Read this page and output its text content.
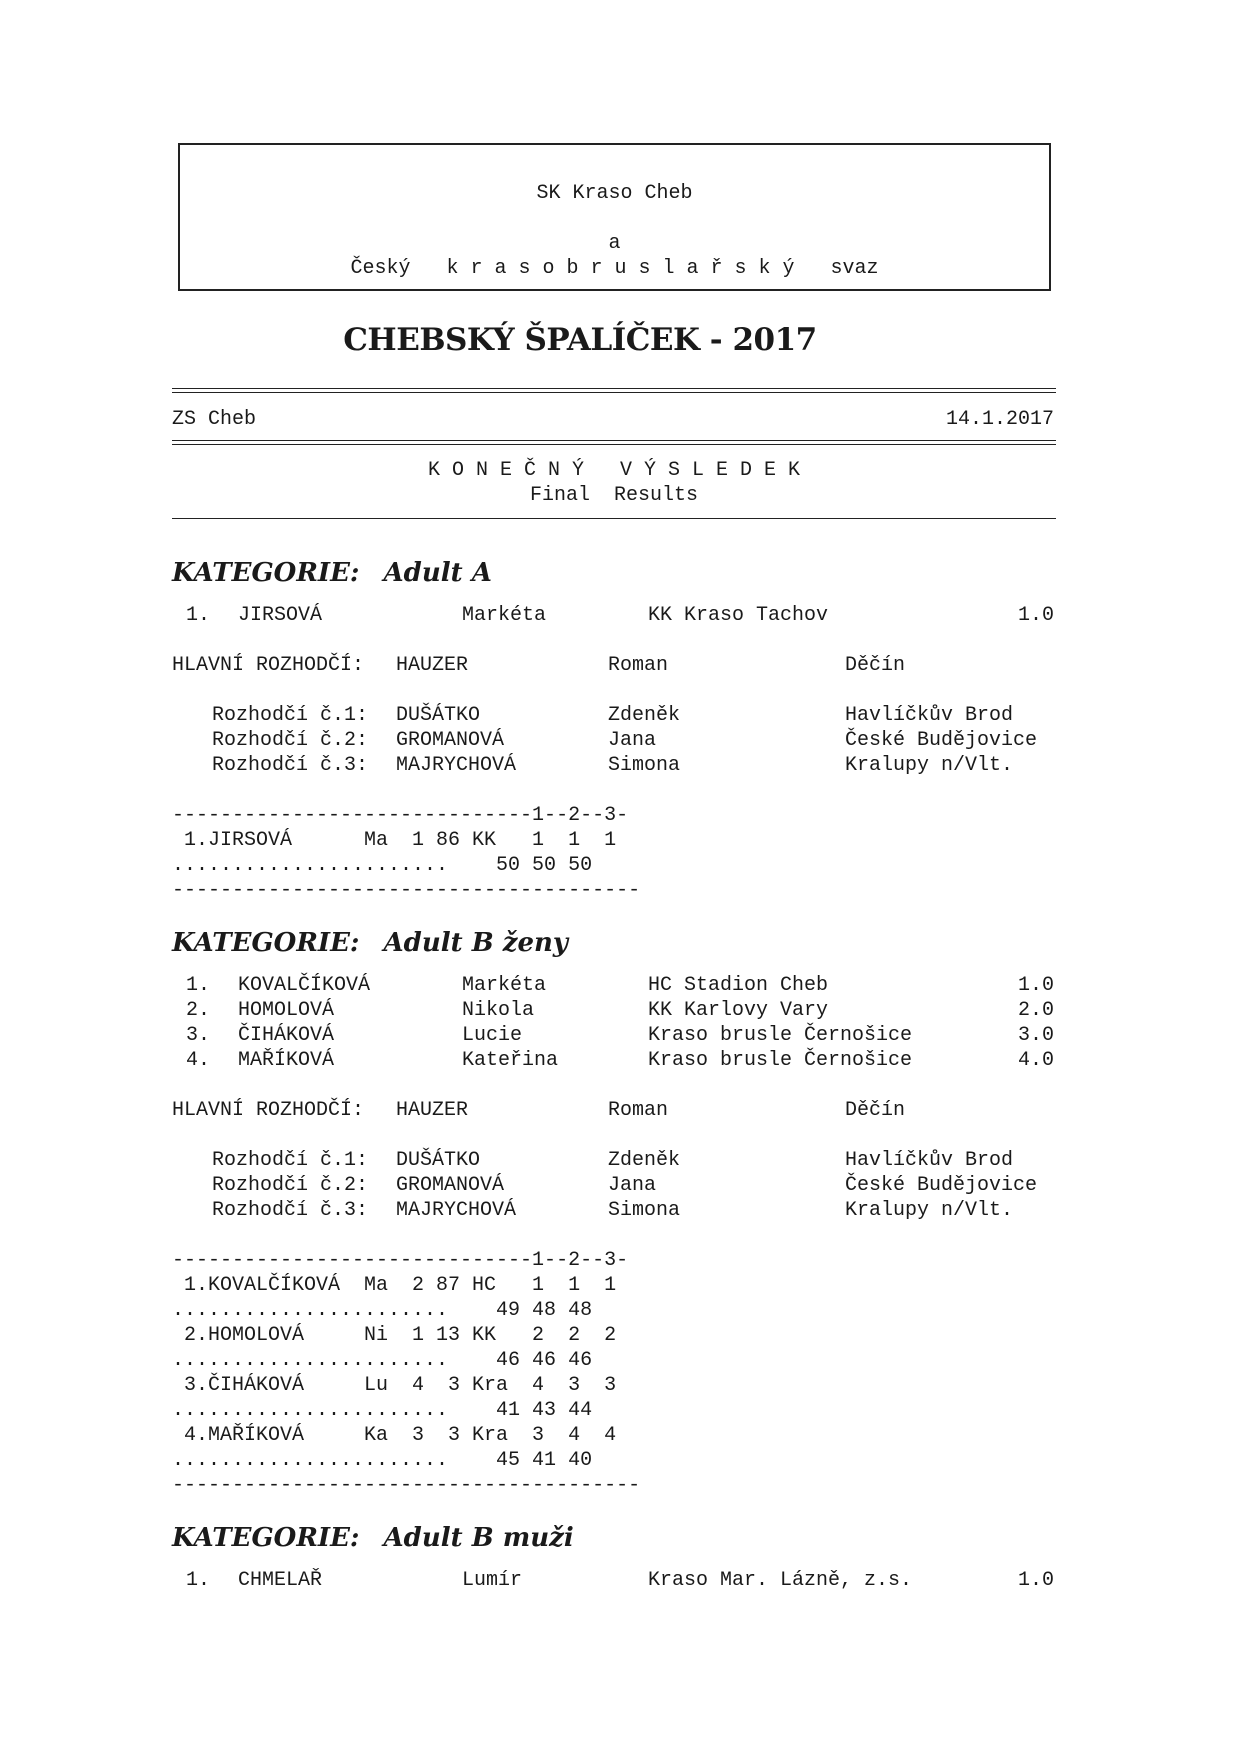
SK Kraso Cheb
a
Český   k r a s o b r u s l a ř s k ý   svaz
CHEBSKÝ ŠPALÍČEK - 2017
ZS Cheb	14.1.2017
K O N E Č N Ý   V Ý S L E D E K
Final  Results
KATEGORIE: Adult A
1. JIRSOVÁ	Markéta	KK Kraso Tachov	1.0
HLAVNÍ ROZHODČÍ: HAUZER	Roman	Děčín
Rozhodčí č.1: DUŠÁTKO	Zdeněk	Havlíčkův Brod
Rozhodčí č.2: GROMANOVÁ	Jana	České Budějovice
Rozhodčí č.3: MAJRYCHOVÁ	Simona	Kralupy n/Vlt.
------------------------------1--2--3-
1.JIRSOVÁ      Ma  1 86 KK   1  1  1
.......................    50 50 50
---------------------------------------
KATEGORIE: Adult B ženy
1. KOVALČÍKOVÁ	Markéta	HC Stadion Cheb	1.0
2. HOMOLOVÁ	Nikola	KK Karlovy Vary	2.0
3. ČIHÁKOVÁ	Lucie	Kraso brusle Černošice	3.0
4. MAŘÍKOVÁ	Kateřina	Kraso brusle Černošice	4.0
HLAVNÍ ROZHODČÍ: HAUZER	Roman	Děčín
Rozhodčí č.1: DUŠÁTKO	Zdeněk	Havlíčkův Brod
Rozhodčí č.2: GROMANOVÁ	Jana	České Budějovice
Rozhodčí č.3: MAJRYCHOVÁ	Simona	Kralupy n/Vlt.
------------------------------1--2--3-
1.KOVALČÍKOVÁ  Ma  2 87 HC   1  1  1
.......................    49 48 48
2.HOMOLOVÁ     Ni  1 13 KK   2  2  2
.......................    46 46 46
3.ČIHÁKOVÁ     Lu  4  3 Kra  4  3  3
.......................    41 43 44
4.MAŘÍKOVÁ     Ka  3  3 Kra  3  4  4
.......................    45 41 40
---------------------------------------
KATEGORIE: Adult B muži
1. CHMELAŘ	Lumír	Kraso Mar. Lázně, z.s.	1.0
